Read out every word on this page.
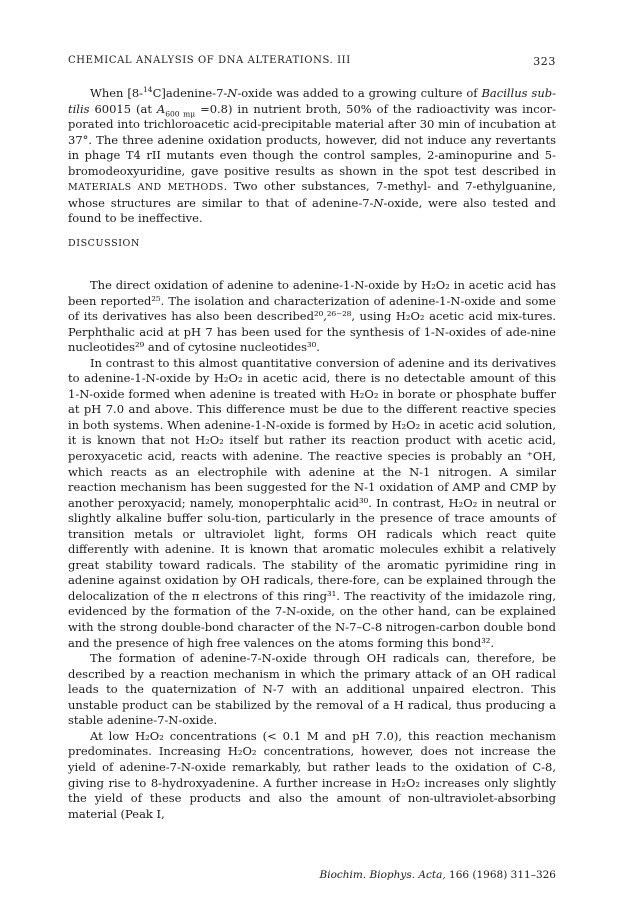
CHEMICAL ANALYSIS OF DNA ALTERATIONS. III	323

When [8-$^{14}$C]adenine-7-N-oxide was added to a growing culture of Bacillus sub- tilis 60015 (at $A_{600 m\mu} =0.8$) in nutrient broth, 50% of the radioactivity was incor-porated into trichloroacetic acid-precipitable material after 30 min of incubation at 37°. The three adenine oxidation products, however, did not induce any revertants in phage T4 rII mutants even though the control samples, 2-aminopurine and 5-bromodeoxyuridine, gave positive results as shown in the spot test described in MATERIALS AND METHODS. Two other substances, 7-methyl- and 7-ethylguanine, whose structures are similar to that of adenine-7-N-oxide, were also tested and found to be ineffective.

DISCUSSION

The direct oxidation of adenine to adenine-1-N-oxide by H₂O₂ in acetic acid has been reported²⁵. The isolation and characterization of adenine-1-N-oxide and some of its derivatives has also been described²⁰,²⁶⁻²⁸, using H₂O₂ acetic acid mix-tures. Perphthalic acid at pH 7 has been used for the synthesis of 1-N-oxides of ade-nine nucleotides²⁹ and of cytosine nucleotides³⁰.

In contrast to this almost quantitative conversion of adenine and its derivatives to adenine-1-N-oxide by H₂O₂ in acetic acid, there is no detectable amount of this 1-N-oxide formed when adenine is treated with H₂O₂ in borate or phosphate buffer at pH 7.0 and above. This difference must be due to the different reactive species in both systems. When adenine-1-N-oxide is formed by H₂O₂ in acetic acid solution, it is known that not H₂O₂ itself but rather its reaction product with acetic acid, peroxyacetic acid, reacts with adenine. The reactive species is probably an ⁺OH, which reacts as an electrophile with adenine at the N-1 nitrogen. A similar reaction mechanism has been suggested for the N-1 oxidation of AMP and CMP by another peroxyacid; namely, monoperphtalic acid³⁰. In contrast, H₂O₂ in neutral or slightly alkaline buffer solu-tion, particularly in the presence of trace amounts of transition metals or ultraviolet light, forms OH radicals which react quite differently with adenine. It is known that aromatic molecules exhibit a relatively great stability toward radicals. The stability of the aromatic pyrimidine ring in adenine against oxidation by OH radicals, there-fore, can be explained through the delocalization of the π electrons of this ring³¹. The reactivity of the imidazole ring, evidenced by the formation of the 7-N-oxide, on the other hand, can be explained with the strong double-bond character of the N-7–C-8 nitrogen-carbon double bond and the presence of high free valences on the atoms forming this bond³².

The formation of adenine-7-N-oxide through OH radicals can, therefore, be described by a reaction mechanism in which the primary attack of an OH radical leads to the quaternization of N-7 with an additional unpaired electron. This unstable product can be stabilized by the removal of a H radical, thus producing a stable adenine-7-N-oxide.

At low H₂O₂ concentrations (< 0.1 M and pH 7.0), this reaction mechanism predominates. Increasing H₂O₂ concentrations, however, does not increase the yield of adenine-7-N-oxide remarkably, but rather leads to the oxidation of C-8, giving rise to 8-hydroxyadenine. A further increase in H₂O₂ increases only slightly the yield of these products and also the amount of non-ultraviolet-absorbing material (Peak I,

Biochim. Biophys. Acta, 166 (1968) 311–326
